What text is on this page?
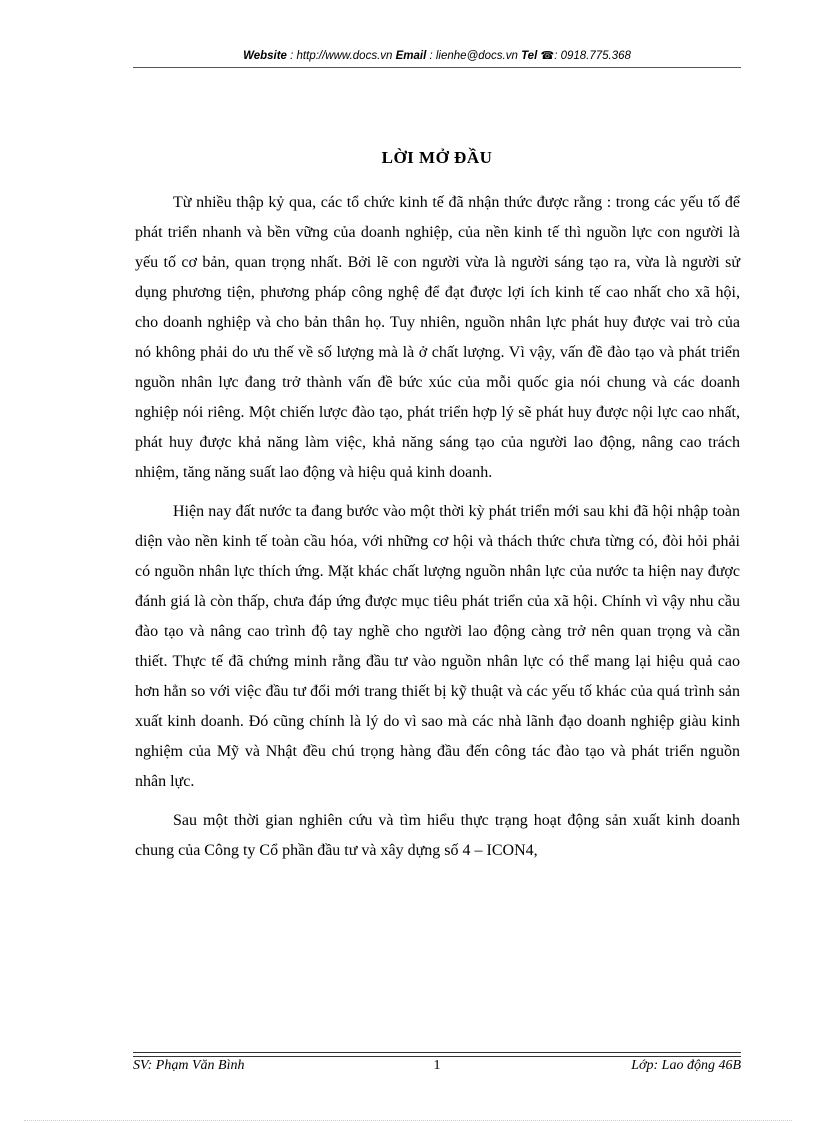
Website : http://www.docs.vn Email : lienhe@docs.vn Tel ☎: 0918.775.368
LỜI MỞ ĐẦU

Từ nhiều thập kỷ qua, các tổ chức kinh tế đã nhận thức được rằng : trong các yếu tố để phát triển nhanh và bền vững của doanh nghiệp, của nền kinh tế thì nguồn lực con người là yếu tố cơ bản, quan trọng nhất. Bởi lẽ con người vừa là người sáng tạo ra, vừa là người sử dụng phương tiện, phương pháp công nghệ để đạt được lợi ích kinh tế cao nhất cho xã hội, cho doanh nghiệp và cho bản thân họ. Tuy nhiên, nguồn nhân lực phát huy được vai trò của nó không phải do ưu thế về số lượng mà là ở chất lượng. Vì vậy, vấn đề đào tạo và phát triển nguồn nhân lực đang trở thành vấn đề bức xúc của mỗi quốc gia nói chung và các doanh nghiệp nói riêng. Một chiến lược đào tạo, phát triển hợp lý sẽ phát huy được nội lực cao nhất, phát huy được khả năng làm việc, khả năng sáng tạo của người lao động, nâng cao trách nhiệm, tăng năng suất lao động và hiệu quả kinh doanh.

Hiện nay đất nước ta đang bước vào một thời kỳ phát triển mới sau khi đã hội nhập toàn diện vào nền kinh tế toàn cầu hóa, với những cơ hội và thách thức chưa từng có, đòi hỏi phải có nguồn nhân lực thích ứng. Mặt khác chất lượng nguồn nhân lực của nước ta hiện nay được đánh giá là còn thấp, chưa đáp ứng được mục tiêu phát triển của xã hội. Chính vì vậy nhu cầu đào tạo và nâng cao trình độ tay nghề cho người lao động càng trở nên quan trọng và cần thiết. Thực tế đã chứng minh rằng đầu tư vào nguồn nhân lực có thể mang lại hiệu quả cao hơn hẳn so với việc đầu tư đổi mới trang thiết bị kỹ thuật và các yếu tố khác của quá trình sản xuất kinh doanh. Đó cũng chính là lý do vì sao mà các nhà lãnh đạo doanh nghiệp giàu kinh nghiệm của Mỹ và Nhật đều chú trọng hàng đầu đến công tác đào tạo và phát triển nguồn nhân lực.

Sau một thời gian nghiên cứu và tìm hiểu thực trạng hoạt động sản xuất kinh doanh chung của Công ty Cổ phần đầu tư và xây dựng số 4 – ICON4,

SV: Phạm Văn Bình	1	Lớp: Lao động 46B
